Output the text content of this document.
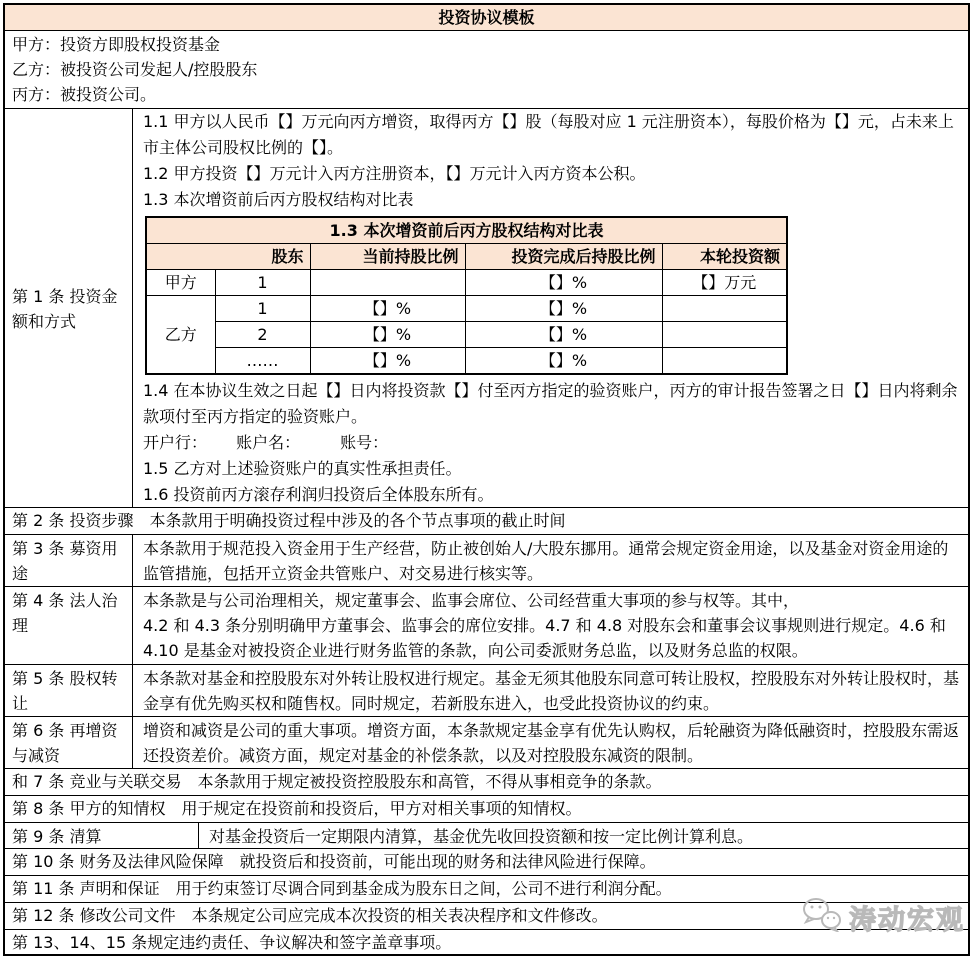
投资协议模板

甲方：投资方即股权投资基金

乙方：被投资公司发起人/控股股东

丙方：被投资公司。

第 1 条 投资金额和方式

1.1 甲方以人民币【】万元向丙方增资，取得丙方【】股（每股对应 1 元注册资本），每股价格为【】元，占未来上市主体公司股权比例的【】。

1.2 甲方投资【】万元计入丙方注册资本，【】万元计入丙方资本公积。

1.3 本次增资前后丙方股权结构对比表

1.3 本次增资前后丙方股权结构对比表				
股东		当前持股比例	投资完成后持股比例	本轮投资额
甲方	1		【】%	【】万元
乙方	1	【】%	【】%	
	2	【】%	【】%	
	……	【】%	【】%	

1.4 在本协议生效之日起【】日内将投资款【】付至丙方指定的验资账户，丙方的审计报告签署之日【】日内将剩余款项付至丙方指定的验资账户。

开户行：　　 账户名：　　　账号：

1.5 乙方对上述验资账户的真实性承担责任。

1.6 投资前丙方滚存利润归投资后全体股东所有。

第 2 条 投资步骤 本条款用于明确投资过程中涉及的各个节点事项的截止时间
第 3 条 募资用途
本条款用于规范投入资金用于生产经营，防止被创始人/大股东挪用。通常会规定资金用途，以及基金对资金用途的监管措施，包括开立资金共管账户、对交易进行核实等。
第 4 条 法人治理

本条款是与公司治理相关，规定董事会、监事会席位、公司经营重大事项的参与权等。其中，

4.2 和 4.3 条分别明确甲方董事会、监事会的席位安排。4.7 和 4.8 对股东会和董事会议事规则进行规定。4.6 和 4.10 是基金对被投资企业进行财务监管的条款，向公司委派财务总监，以及财务总监的权限。

第 5 条 股权转让
本条款对基金和控股股东对外转让股权进行规定。基金无须其他股东同意可转让股权，控股股东对外转让股权时，基金享有优先购买权和随售权。同时规定，若新股东进入，也受此投资协议的约束。
第 6 条 再增资与减资
增资和减资是公司的重大事项。增资方面，本条款规定基金享有优先认购权，后轮融资为降低融资时，控股股东需返还投资差价。减资方面，规定对基金的补偿条款，以及对控股股东减资的限制。
和 7 条 竞业与关联交易 本条款用于规定被投资控股股东和高管，不得从事相竞争的条款。
第 8 条 甲方的知情权 用于规定在投资前和投资后，甲方对相关事项的知情权。
第 9 条 清算	对基金投资后一定期限内清算，基金优先收回投资额和按一定比例计算利息。
第 10 条 财务及法律风险保障 就投资后和投资前，可能出现的财务和法律风险进行保障。
第 11 条 声明和保证 用于约束签订尽调合同到基金成为股东日之间，公司不进行利润分配。
第 12 条 修改公司文件 本条规定公司应完成本次投资的相关表决程序和文件修改。
第 13、14、15 条规定违约责任、争议解决和签字盖章事项。
涛动宏观
